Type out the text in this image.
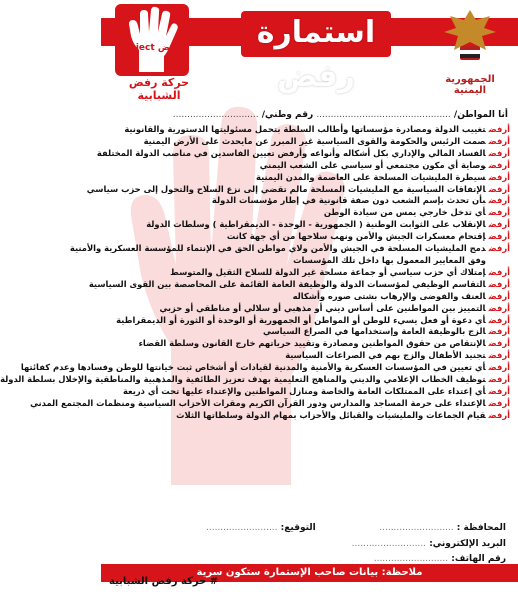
استمارة رفض
رفض Reject
حركة رفض الشبابية
الجمهورية اليمنية
أنا المواطن/ ............................................... رقم وطني/ ..............................
أرفضتغييب الدولة ومصادرة مؤسساتها وأطالب السلطة بتحمل مسئوليتها الدستورية والقانونية
أرفضصمت الرئيس والحكومة والقوى السياسية غير المبرر عن مايحدث على الأرض اليمنية
أرفضالفساد المالي والإداري بكل أشكاله وأنواعه وأرفض تعيين الفاسدين في مناصب الدولة المختلفة
أرفضوصاية أي مكون مجتمعي أو سياسي على الشعب اليمني
أرفضسيطرة المليشيات المسلحة على العاصمة والمدن اليمنية
أرفضالإتفاقات السياسية مع المليشيات المسلحة مالم تقضي إلى نزع السلاح والتحول إلى حزب سياسي
أرفضبأن تحدث بإسم الشعب دون صفة قانونية في إطار مؤسسات الدولة
أرفضأي تدخل خارجي يمس من سيادة الوطن
أرفضالإنقلاب على الثوابت الوطنية ( الجمهورية - الوحدة - الديمقراطية ) وسلطات الدولة
أرفضإقتحام معسكرات الجيش والأمن ونهب سلاحها من أي جهة كانت
أرفضدمج المليشيات المسلحة في الجيش والأمن ولاي مواطن الحق في الإنتماء للمؤسسة العسكرية والأمنية
وفق المعايير المعمول بها داخل تلك المؤسسات
أرفضإمتلاك أي حزب سياسي أو جماعة مسلحة غير الدولة للسلاح الثقيل والمتوسط
أرفضالتقاسم الوظيفي لمؤسسات الدولة والوظيفة العامة القائمة على المحاصصة بين القوى السياسية
أرفضالعنف والفوضى والإرهاب بشتى صوره وأشكاله
أرفضالتمييز بين المواطنين على أساس ديني أو مذهبي أو سلالي أو مناطقي أو حزبي
أرفضأي دعوة أو فعل يسيء للوطن أو المواطن أو الجمهورية أو الوحدة أو الثورة أو الديمقراطية
أرفضالزج بالوظيفة العامة وإستخدامها في الصراع السياسي
أرفضالإنتقاص من حقوق المواطنين ومصادرة وتقييد حرياتهم خارج القانون وسلطة القضاء
أرفضتجنيد الأطفال والزج بهم في الصراعات السياسية
أرفضأي تعيين في المؤسسات العسكرية والأمنية والمدنية لقيادات أو أشخاص ثبت خيانتها للوطن وفسادها وعدم كفائتها
أرفضتوظيف الخطاب الإعلامي والديني والمناهج التعليمية بهدف تعزيز الطائفية والمذهبية والمناطقية والإخلال بسلطة الدولة
أرفضأي إعتداء على الممتلكات العامة والخاصة ومنازل المواطنين والإعتداء عليها تحت أي ذريعة
أرفضالإعتداء على حرمة المساجد والمدارس ودور القرآن الكريم ومقرات الأحزاب السياسية ومنظمات المجتمع المدني
أرفضقيام الجماعات والمليشيات والقبائل والأحزاب بمهام الدولة وسلطاتها الثلاث
المحافظة : ..........................
البريد الإلكتروني: ..........................
رقم الهاتف: ..........................
التوقيع: .........................
ملاحظة: بيانات صاحب الإستمارة ستكون سرية
# حركة رفض الشبابية
